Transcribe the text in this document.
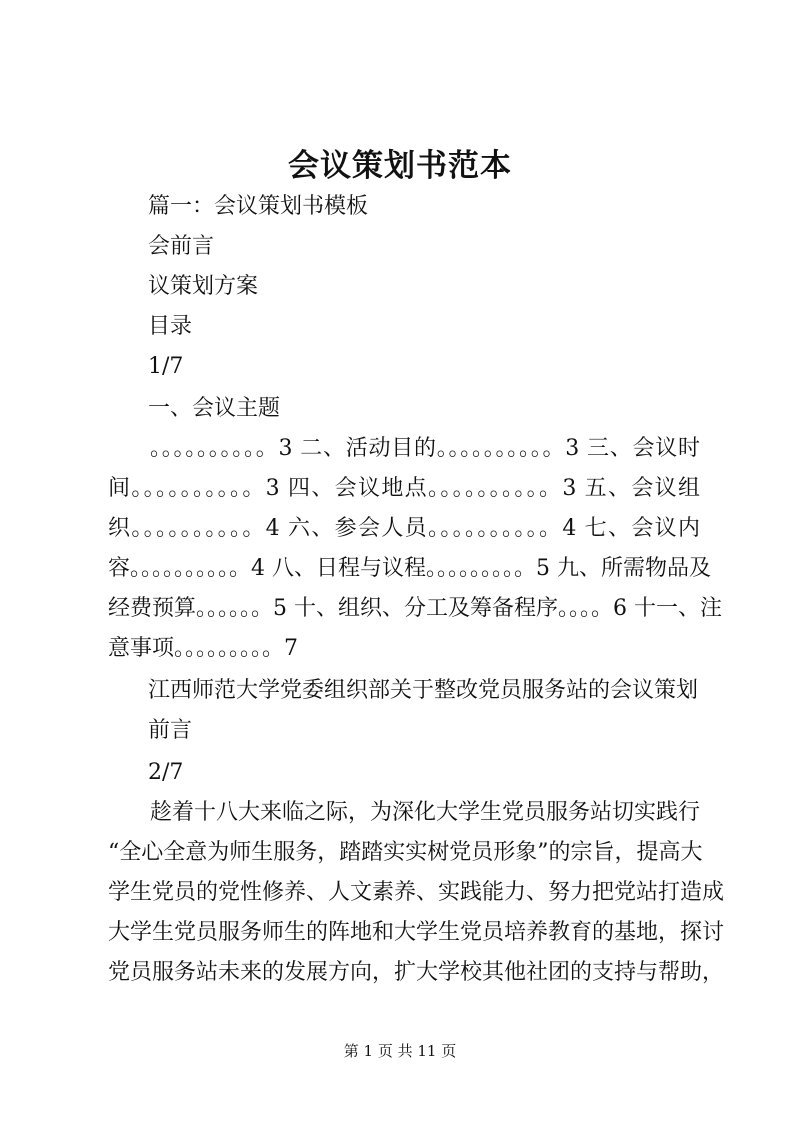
会议策划书范本

篇一：会议策划书模板

会前言

议策划方案

目录

1/7

一、会议主题

。。。。。。。。。。3 二、活动目的。。。。。。。。。。3 三、会议时

间。。。。。。。。。。3 四、会议地点。。。。。。。。。。3 五、会议组

织。。。。。。。。。。4 六、参会人员。。。。。。。。。。4 七、会议内

容。。。。。。。。。。4 八、日程与议程。。。。。。。。。5 九、所需物品及

经费预算。。。。。。5 十、组织、分工及筹备程序。。。。6 十一、注

意事项。。。。。。。。。7

江西师范大学党委组织部关于整改党员服务站的会议策划

前言

2/7

趁着十八大来临之际，为深化大学生党员服务站切实践行

“全心全意为师生服务，踏踏实实树党员形象”的宗旨，提高大

学生党员的党性修养、人文素养、实践能力、努力把党站打造成

大学生党员服务师生的阵地和大学生党员培养教育的基地，探讨

党员服务站未来的发展方向，扩大学校其他社团的支持与帮助，

第 1 页 共 11 页
